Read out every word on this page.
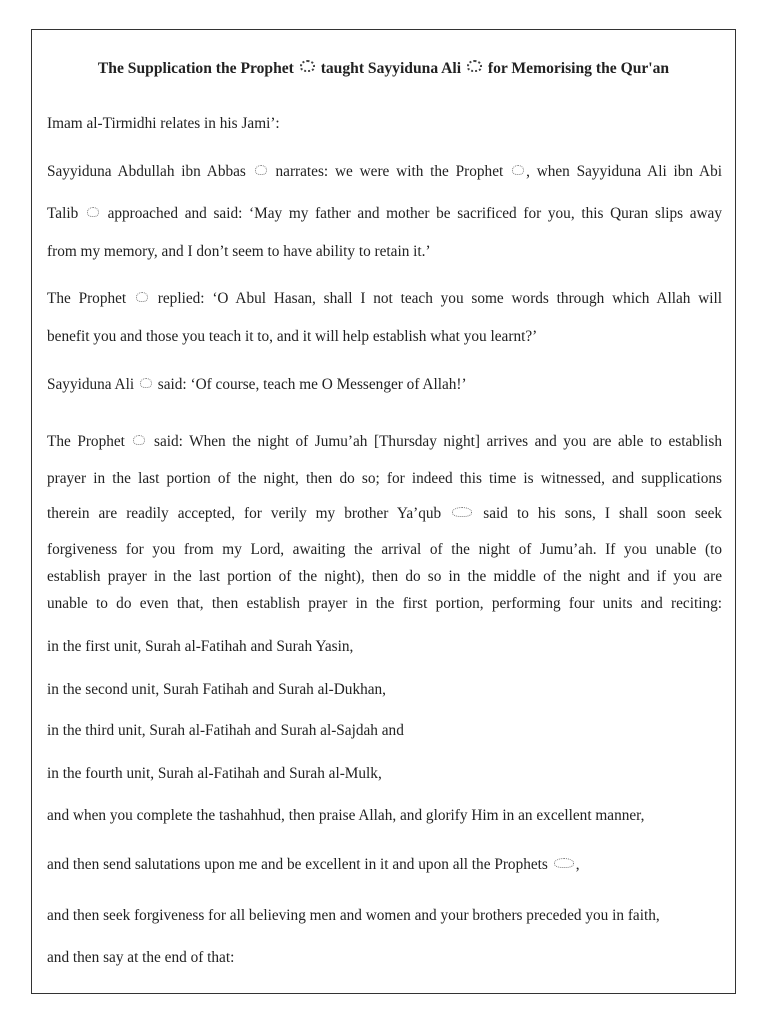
The Supplication the Prophet taught Sayyiduna Ali for Memorising the Qur'an
Imam al-Tirmidhi relates in his Jami’:
Sayyiduna Abdullah ibn Abbas narrates: we were with the Prophet , when Sayyiduna Ali ibn Abi
Talib approached and said: ‘May my father and mother be sacrificed for you, this Quran slips away
from my memory, and I don’t seem to have ability to retain it.’
The Prophet replied: ‘O Abul Hasan, shall I not teach you some words through which Allah will
benefit you and those you teach it to, and it will help establish what you learnt?’
Sayyiduna Ali said: ‘Of course, teach me O Messenger of Allah!’
The Prophet said: When the night of Jumu’ah [Thursday night] arrives and you are able to establish
prayer in the last portion of the night, then do so; for indeed this time is witnessed, and supplications
therein are readily accepted, for verily my brother Ya’qub	said to his sons, I shall soon seek
forgiveness for you from my Lord, awaiting the arrival of the night of Jumu’ah. If you unable (to
establish prayer in the last portion of the night), then do so in the middle of the night and if you are
unable to do even that, then establish prayer in the first portion, performing four units and reciting:
in the first unit, Surah al-Fatihah and Surah Yasin,
in the second unit, Surah Fatihah and Surah al-Dukhan,
in the third unit, Surah al-Fatihah and Surah al-Sajdah and
in the fourth unit, Surah al-Fatihah and Surah al-Mulk,
and when you complete the tashahhud, then praise Allah, and glorify Him in an excellent manner,
and then send salutations upon me and be excellent in it and upon all the Prophets ,
and then seek forgiveness for all believing men and women and your brothers preceded you in faith,
and then say at the end of that:
